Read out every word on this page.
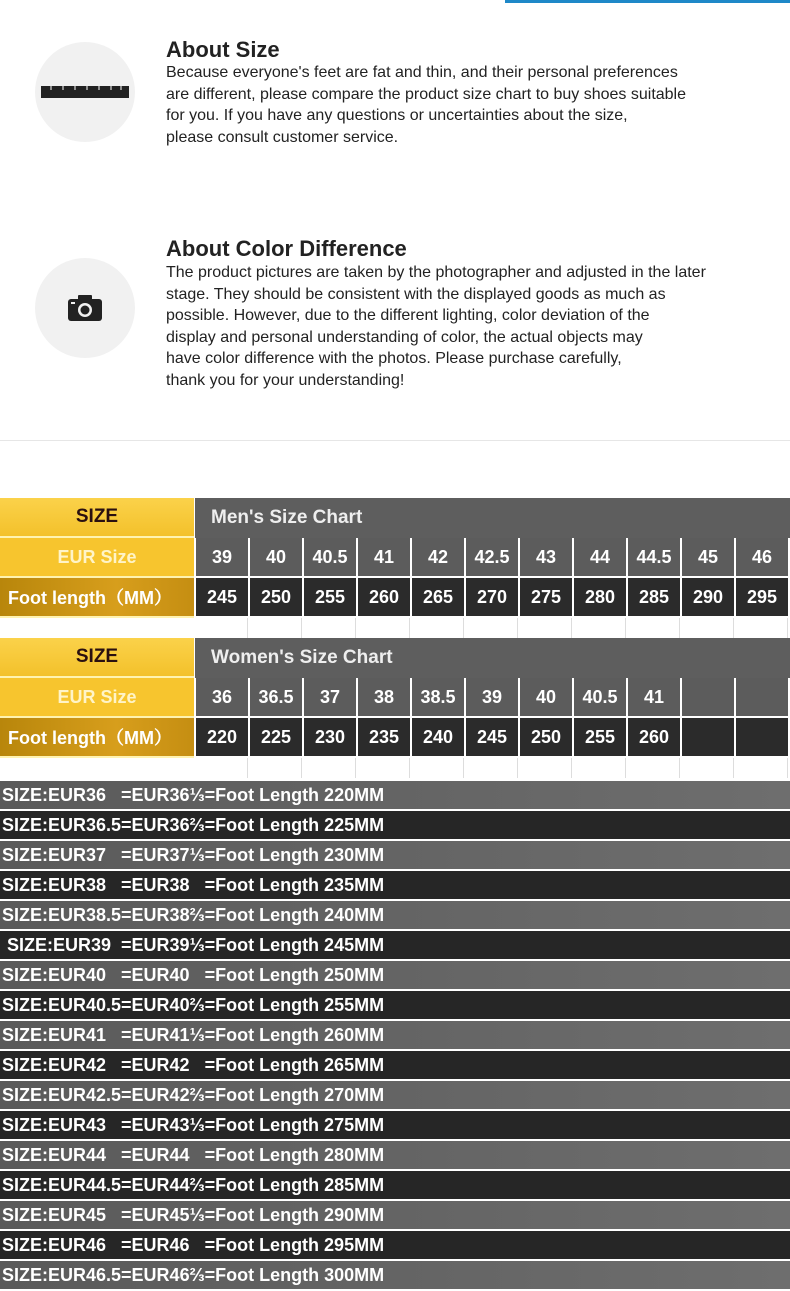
About Size

Because everyone's feet are fat and thin, and their personal preferences
are different, please compare the product size chart to buy shoes suitable
for you. If you have any questions or uncertainties about the size,
please consult customer service.

About Color Difference

The product pictures are taken by the photographer and adjusted in the later
stage. They should be consistent with the displayed goods as much as
possible. However, due to the different lighting, color deviation of the
display and personal understanding of color, the actual objects may
have color difference with the photos. Please purchase carefully,
thank you for your understanding!

SIZE	Men's Size Chart
EUR Size	39	40	40.5	41	42	42.5	43	44	44.5	45	46
Foot length（MM）	245	250	255	260	265	270	275	280	285	290	295
SIZE	Women's Size Chart
EUR Size	36	36.5	37	38	38.5	39	40	40.5	41
Foot length（MM）	220	225	230	235	240	245	250	255	260
SIZE:EUR36   =EUR36⅓=Foot Length 220MM
SIZE:EUR36.5=EUR36⅔=Foot Length 225MM
SIZE:EUR37   =EUR37⅓=Foot Length 230MM
SIZE:EUR38   =EUR38   =Foot Length 235MM
SIZE:EUR38.5=EUR38⅔=Foot Length 240MM
SIZE:EUR39  =EUR39⅓=Foot Length 245MM
SIZE:EUR40   =EUR40   =Foot Length 250MM
SIZE:EUR40.5=EUR40⅔=Foot Length 255MM
SIZE:EUR41   =EUR41⅓=Foot Length 260MM
SIZE:EUR42   =EUR42   =Foot Length 265MM
SIZE:EUR42.5=EUR42⅔=Foot Length 270MM
SIZE:EUR43   =EUR43⅓=Foot Length 275MM
SIZE:EUR44   =EUR44   =Foot Length 280MM
SIZE:EUR44.5=EUR44⅔=Foot Length 285MM
SIZE:EUR45   =EUR45⅓=Foot Length 290MM
SIZE:EUR46   =EUR46   =Foot Length 295MM
SIZE:EUR46.5=EUR46⅔=Foot Length 300MM
